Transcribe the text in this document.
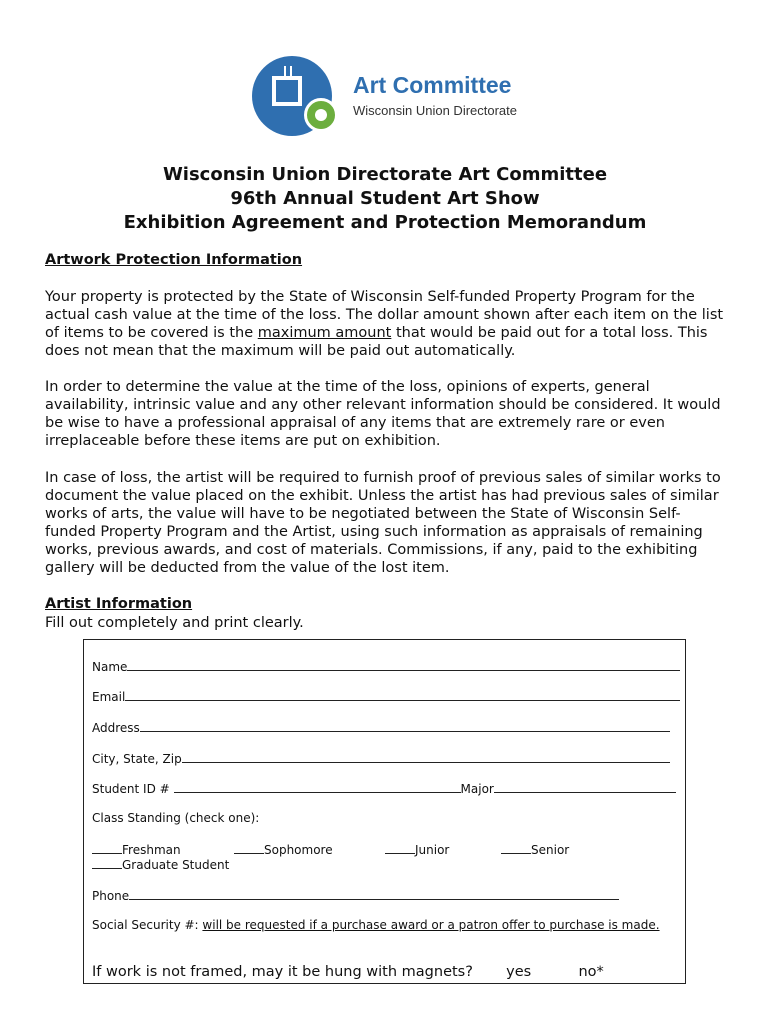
Art Committee
Wisconsin Union Directorate
Wisconsin Union Directorate Art Committee
96th Annual Student Art Show
Exhibition Agreement and Protection Memorandum
Artwork Protection Information

Your property is protected by the State of Wisconsin Self-funded Property Program for the actual cash value at the time of the loss. The dollar amount shown after each item on the list of items to be covered is the maximum amount that would be paid out for a total loss. This does not mean that the maximum will be paid out automatically.

In order to determine the value at the time of the loss, opinions of experts, general availability, intrinsic value and any other relevant information should be considered. It would be wise to have a professional appraisal of any items that are extremely rare or even irreplaceable before these items are put on exhibition.
In case of loss, the artist will be required to furnish proof of previous sales of similar works to document the value placed on the exhibit. Unless the artist has had previous sales of similar works of arts, the value will have to be negotiated between the State of Wisconsin Self-funded Property Program and the Artist, using such information as appraisals of remaining works, previous awards, and cost of materials. Commissions, if any, paid to the exhibiting gallery will be deducted from the value of the lost item.
Artist Information
Fill out completely and print clearly.
Name
Email
Address
City, State, Zip
Student ID #	Major
Class Standing (check one):
Freshman	Sophomore	Junior	Senior
Graduate Student
Phone
Social Security #: will be requested if a purchase award or a patron offer to purchase is made.
If work is not framed, may it be hung with magnets? yes	no*
